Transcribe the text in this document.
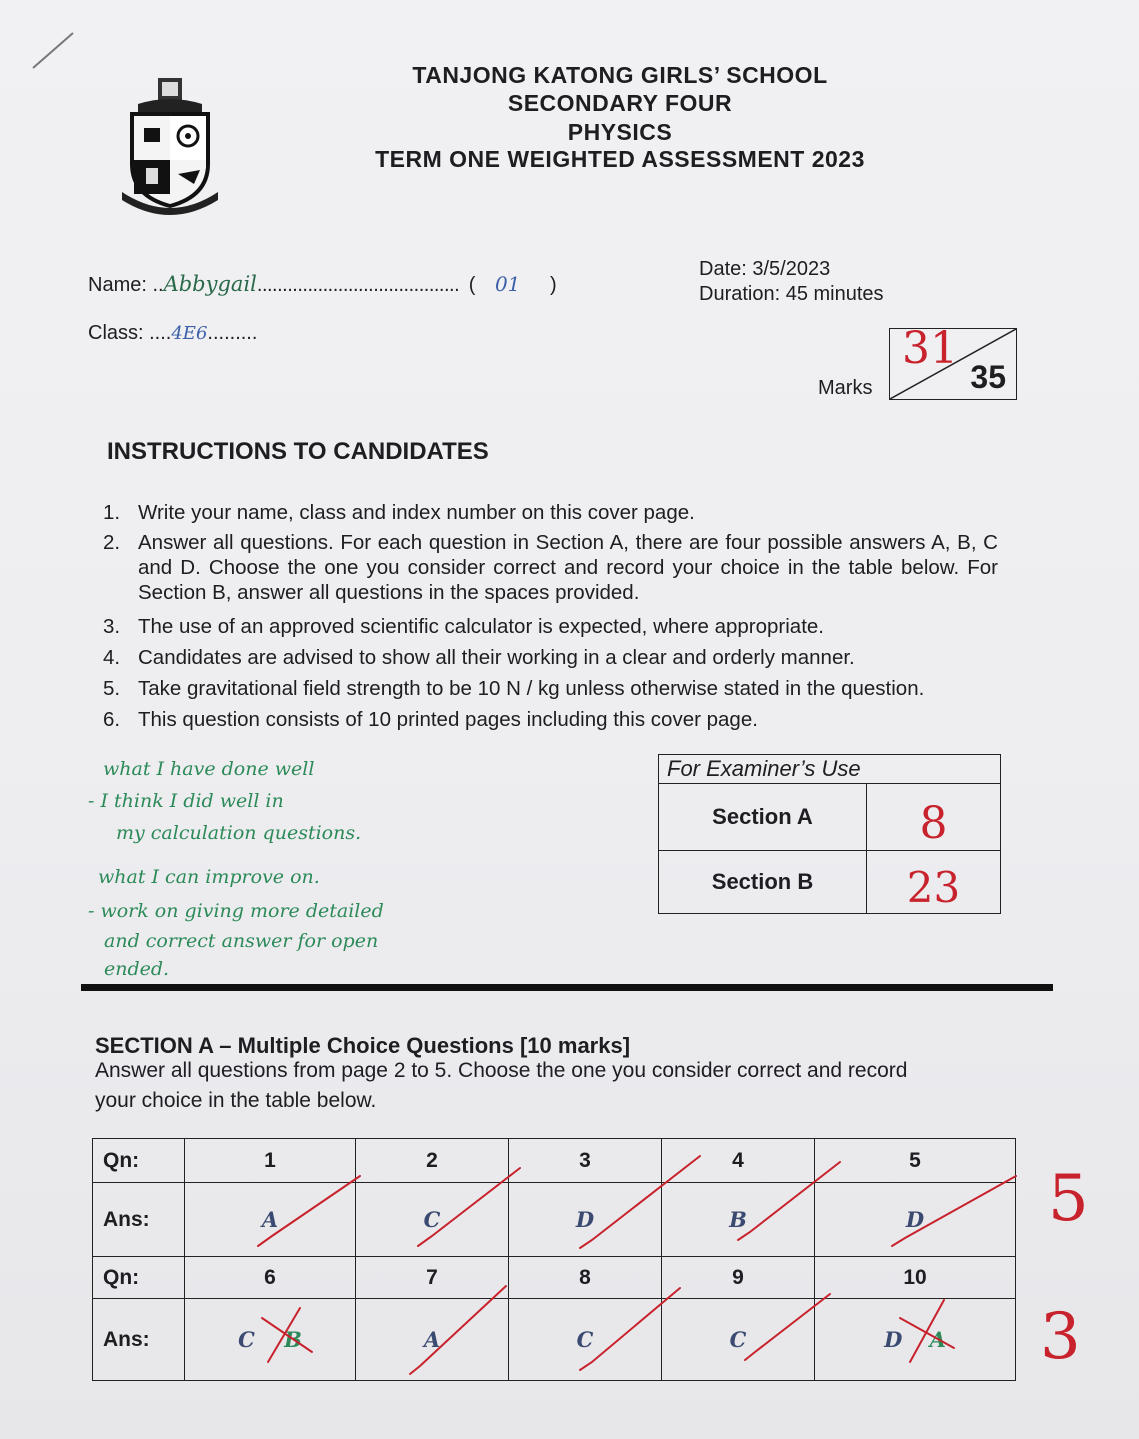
TANJONG KATONG GIRLS’ SCHOOL
SECONDARY FOUR
PHYSICS
TERM ONE WEIGHTED ASSESSMENT 2023
Name: ..Abbygail........................................ ( 01 )
Date: 3/5/2023
Duration: 45 minutes
Class: ....4E6.........
Marks
31
35
INSTRUCTIONS TO CANDIDATES
1. Write your name, class and index number on this cover page.
2. Answer all questions. For each question in Section A, there are four possible answers A, B, C and D. Choose the one you consider correct and record your choice in the table below. For Section B, answer all questions in the spaces provided.
3. The use of an approved scientific calculator is expected, where appropriate.
4. Candidates are advised to show all their working in a clear and orderly manner.
5. Take gravitational field strength to be 10 N / kg unless otherwise stated in the question.
6. This question consists of 10 printed pages including this cover page.
what I have done well
- I think I did well in
my calculation questions.
what I can improve on.
- work on giving more detailed
and correct answer for open
ended.
For Examiner’s Use	
Section A	8
Section B	23
SECTION A – Multiple Choice Questions [10 marks]
Answer all questions from page 2 to 5. Choose the one you consider correct and record
your choice in the table below.
Qn:	1	2	3	4	5
Ans:	A	C	D	B	D
Qn:	6	7	8	9	10
Ans:	C B	A	C	C	D A
5
3
